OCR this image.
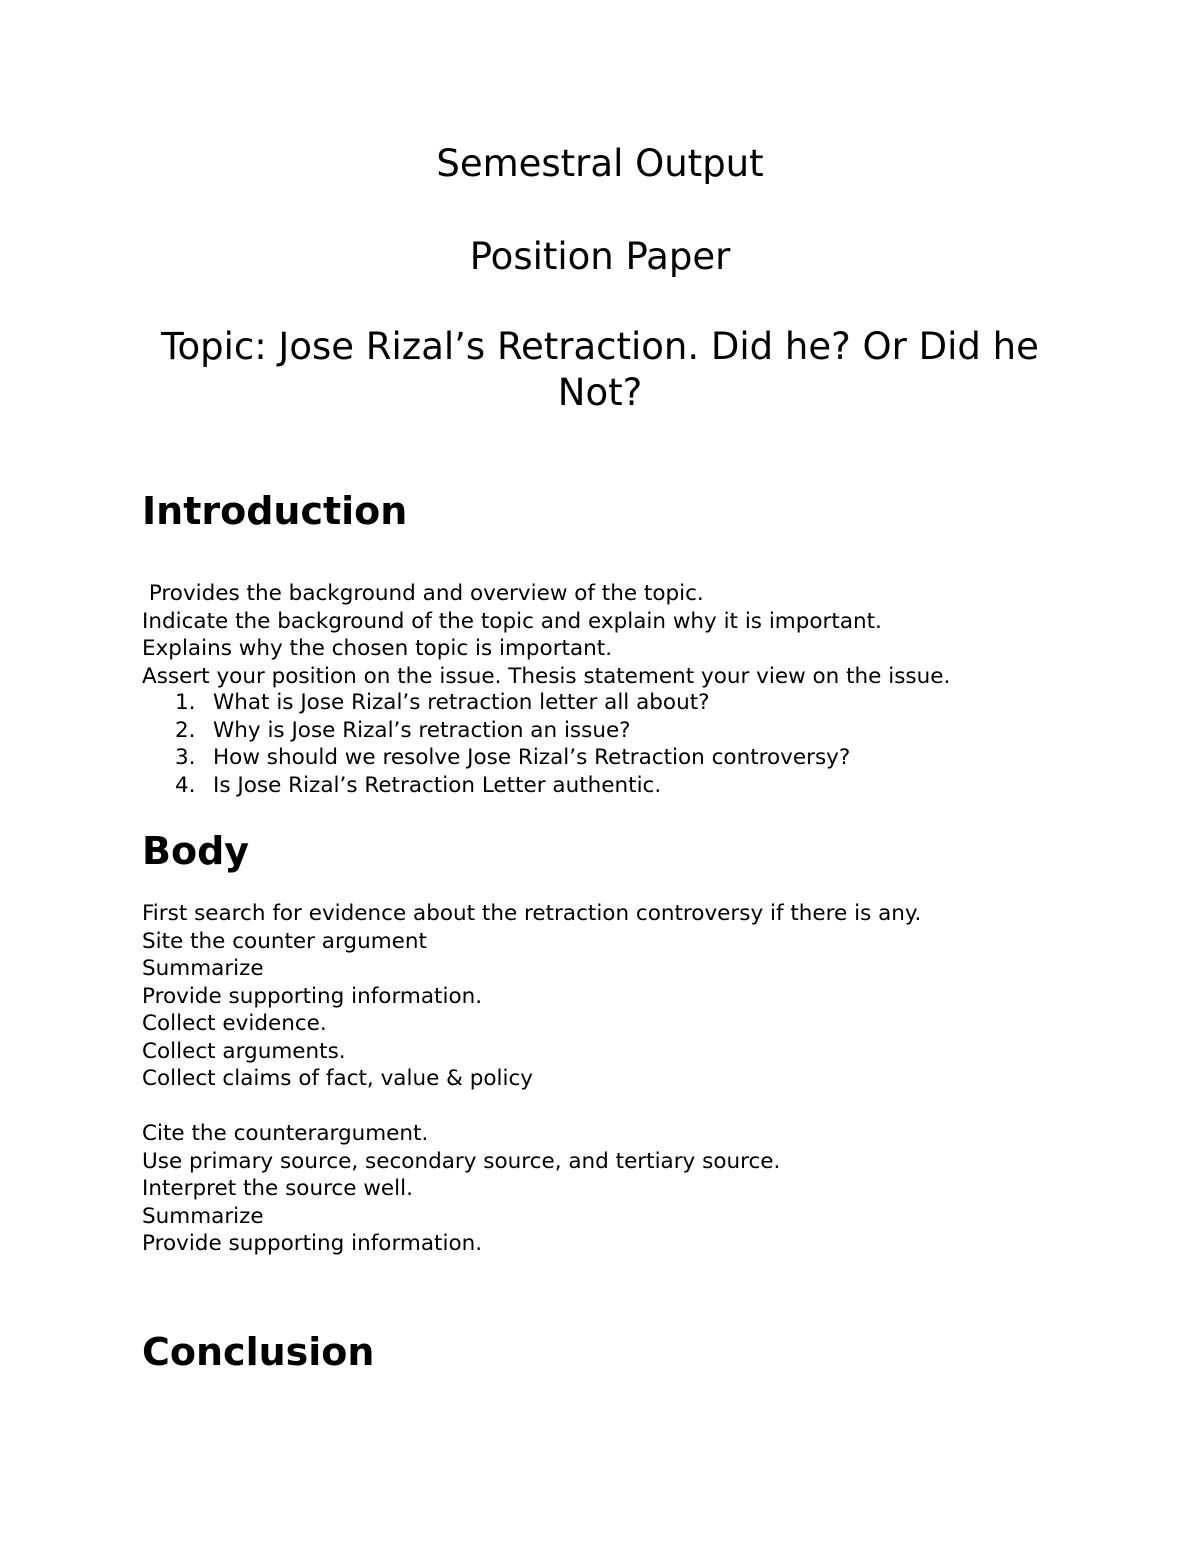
Semestral Output
Position Paper
Topic: Jose Rizal’s Retraction. Did he? Or Did he Not?
Introduction
Provides the background and overview of the topic.
Indicate the background of the topic and explain why it is important.
Explains why the chosen topic is important.
Assert your position on the issue. Thesis statement your view on the issue.
1. What is Jose Rizal’s retraction letter all about?
2. Why is Jose Rizal’s retraction an issue?
3. How should we resolve Jose Rizal’s Retraction controversy?
4. Is Jose Rizal’s Retraction Letter authentic.
Body
First search for evidence about the retraction controversy if there is any.
Site the counter argument
Summarize
Provide supporting information.
Collect evidence.
Collect arguments.
Collect claims of fact, value & policy
Cite the counterargument.
Use primary source, secondary source, and tertiary source.
Interpret the source well.
Summarize
Provide supporting information.
Conclusion
